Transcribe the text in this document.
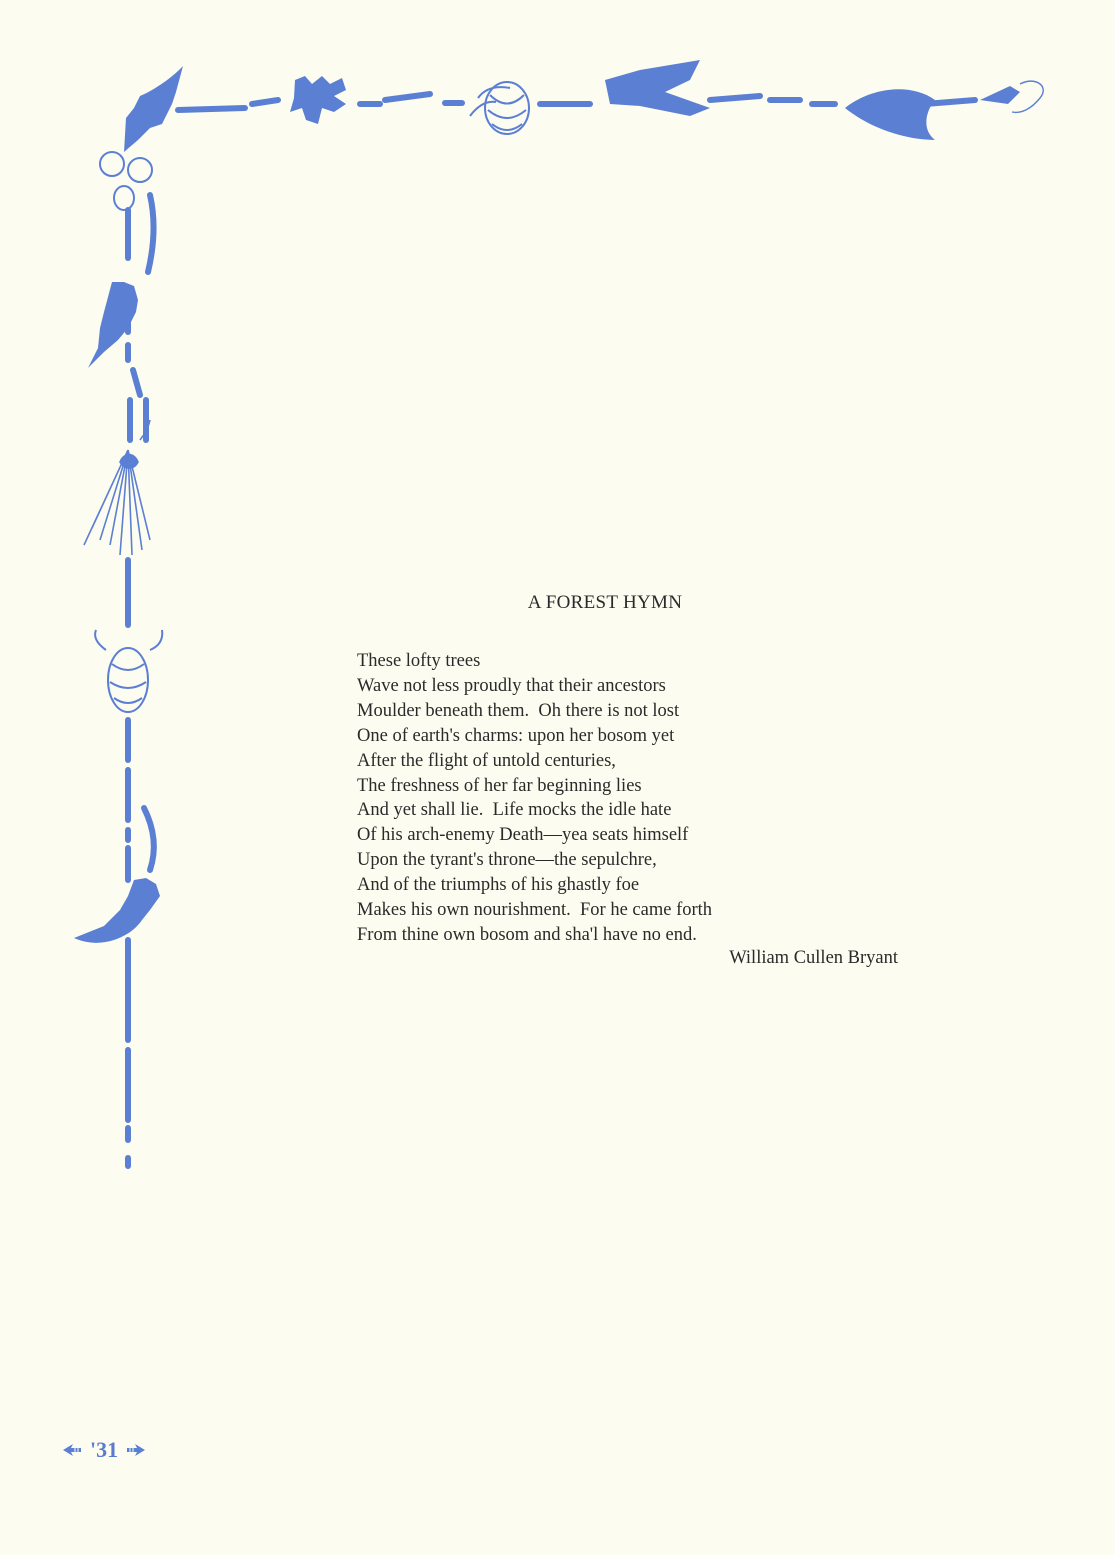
A FOREST HYMN
These lofty trees
Wave not less proudly that their ancestors
Moulder beneath them.  Oh there is not lost
One of earth's charms: upon her bosom yet
After the flight of untold centuries,
The freshness of her far beginning lies
And yet shall lie.  Life mocks the idle hate
Of his arch-enemy Death—yea seats himself
Upon the tyrant's throne—the sepulchre,
And of the triumphs of his ghastly foe
Makes his own nourishment.  For he came forth
From thine own bosom and sha'l have no end.
William Cullen Bryant
'31
